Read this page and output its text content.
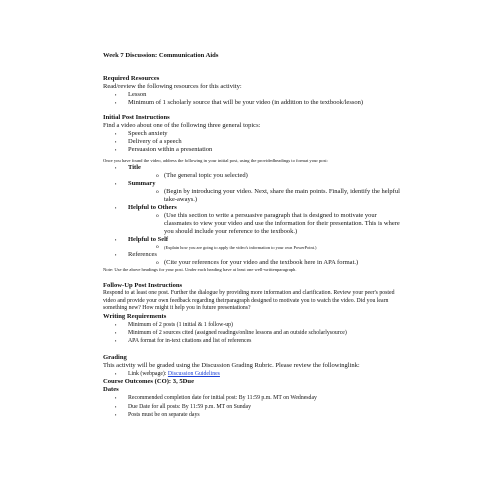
Week 7 Discussion: Communication Aids
Required Resources
Read/review the following resources for this activity:
▪ Lesson
▪ Minimum of 1 scholarly source that will be your video (in addition to the textbook/lesson)
Initial Post Instructions
Find a video about one of the following three general topics:
▪ Speech anxiety
▪ Delivery of a speech
▪ Persuasion within a presentation
Once you have found the video, address the following in your initial post, using the providedheadings to format your post:
▪ Title
o (The general topic you selected)
▪ Summary
o (Begin by introducing your video. Next, share the main points. Finally, identify the helpful take-aways.)
▪ Helpful to Others
o (Use this section to write a persuasive paragraph that is designed to motivate your classmates to view your video and use the information for their presentation. This is where you should include your reference to the textbook.)
▪ Helpful to Self
o (Explain how you are going to apply the video's information to your own PowerPoint.)
▪ References
o (Cite your references for your video and the textbook here in APA format.)
Note: Use the above headings for your post. Under each heading have at least one well-writtenparagraph.
Follow-Up Post Instructions
Respond to at least one post. Further the dialogue by providing more information and clarification. Review your peer's posted video and provide your own feedback regarding theirparagraph designed to motivate you to watch the video. Did you learn something new? How might it help you in future presentations?
Writing Requirements
▪ Minimum of 2 posts (1 initial & 1 follow-up)
▪ Minimum of 2 sources cited (assigned readings/online lessons and an outside scholarlysource)
▪ APA format for in-text citations and list of references
Grading
This activity will be graded using the Discussion Grading Rubric. Please review the followinglink:
▪ Link (webpage): Discussion Guidelines
Course Outcomes (CO): 3, 5Due
Dates
▪ Recommended completion date for initial post: By 11:59 p.m. MT on Wednesday
▪ Due Date for all posts: By 11:59 p.m. MT on Sunday
▪ Posts must be on separate days
